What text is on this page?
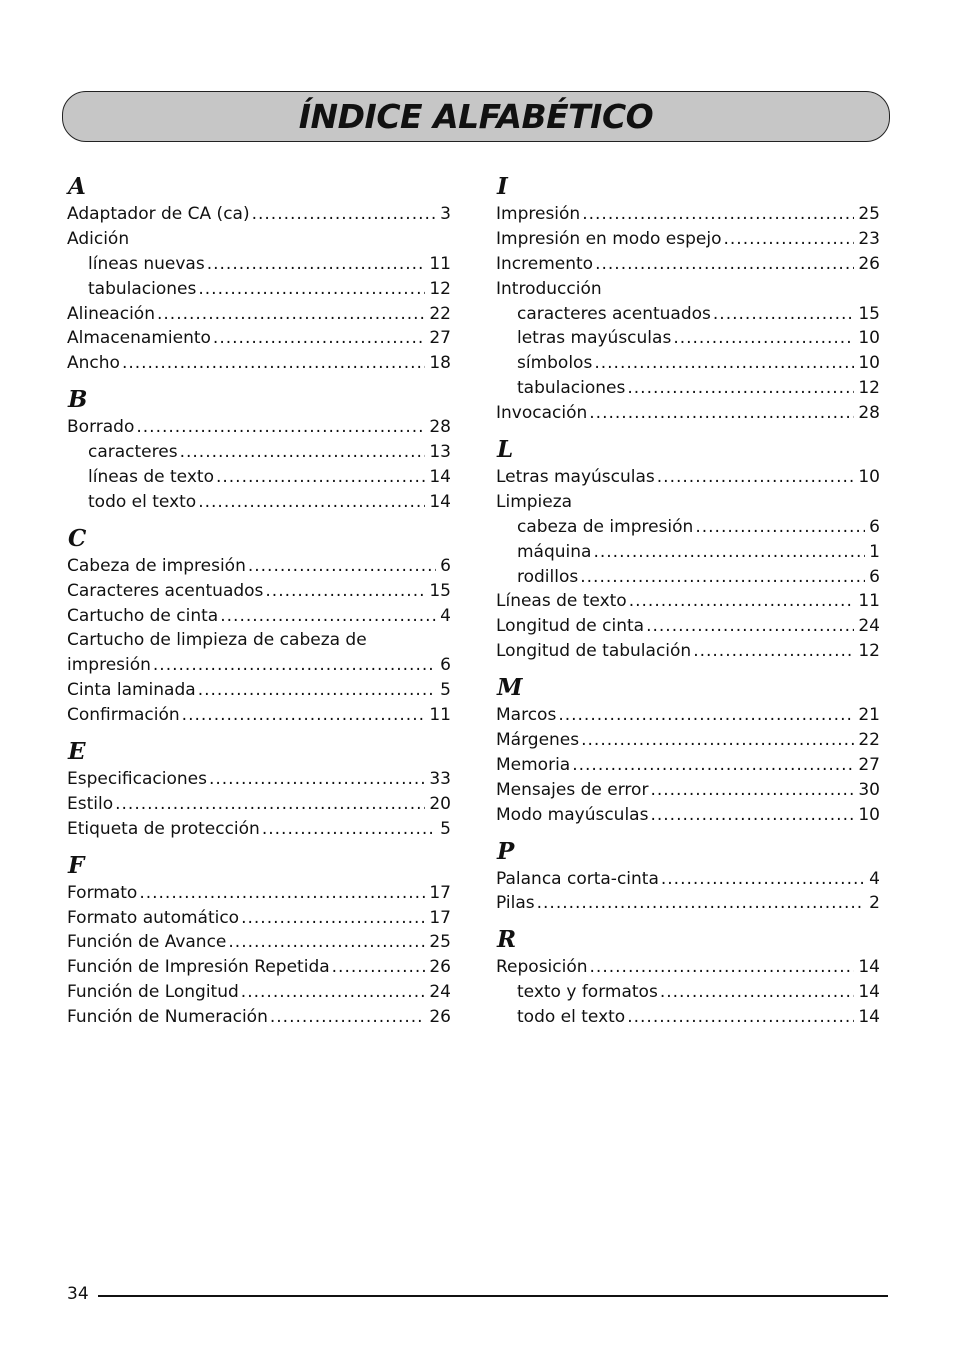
ÍNDICE ALFABÉTICO
A
Adaptador de CA (ca) .....	3
Adición
líneas nuevas .....	11
tabulaciones .....	12
Alineación .....	22
Almacenamiento .....	27
Ancho .....	18
B
Borrado .....	28
caracteres .....	13
líneas de texto .....	14
todo el texto .....	14
C
Cabeza de impresión .....	6
Caracteres acentuados .....	15
Cartucho de cinta .....	4
Cartucho de limpieza de cabeza de
impresión .....	6
Cinta laminada .....	5
Confirmación .....	11
E
Especificaciones .....	33
Estilo .....	20
Etiqueta de protección .....	5
F
Formato .....	17
Formato automático .....	17
Función de Avance .....	25
Función de Impresión Repetida .....	26
Función de Longitud .....	24
Función de Numeración .....	26
I
Impresión .....	25
Impresión en modo espejo .....	23
Incremento .....	26
Introducción
caracteres acentuados .....	15
letras mayúsculas .....	10
símbolos .....	10
tabulaciones .....	12
Invocación .....	28
L
Letras mayúsculas .....	10
Limpieza
cabeza de impresión .....	6
máquina .....	1
rodillos .....	6
Líneas de texto .....	11
Longitud de cinta .....	24
Longitud de tabulación .....	12
M
Marcos .....	21
Márgenes .....	22
Memoria .....	27
Mensajes de error .....	30
Modo mayúsculas .....	10
P
Palanca corta-cinta .....	4
Pilas .....	2
R
Reposición .....	14
texto y formatos .....	14
todo el texto .....	14
34
